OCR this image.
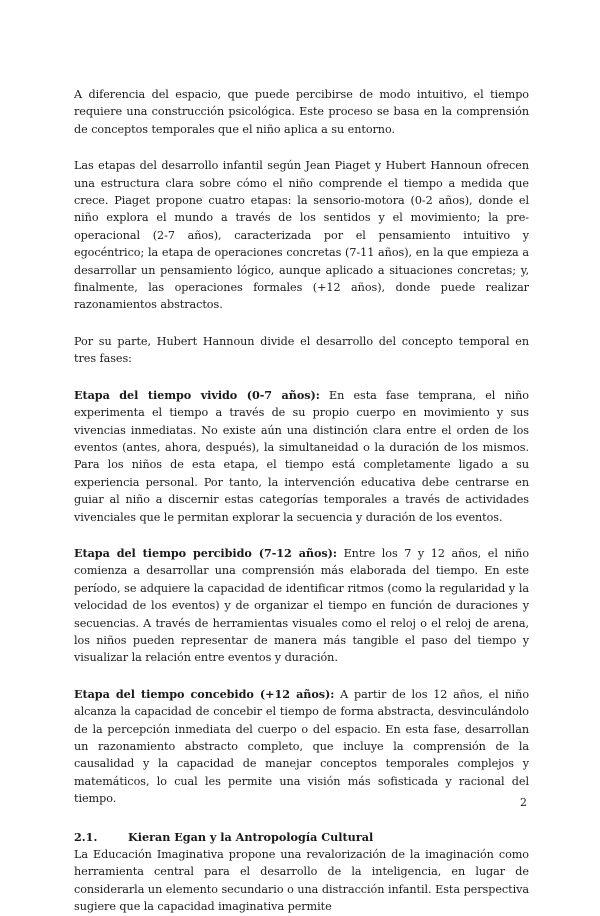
A diferencia del espacio, que puede percibirse de modo intuitivo, el tiempo requiere una construcción psicológica. Este proceso se basa en la comprensión de conceptos temporales que el niño aplica a su entorno.

Las etapas del desarrollo infantil según Jean Piaget y Hubert Hannoun ofrecen una estructura clara sobre cómo el niño comprende el tiempo a medida que crece. Piaget propone cuatro etapas: la sensorio-motora (0-2 años), donde el niño explora el mundo a través de los sentidos y el movimiento; la pre-operacional (2-7 años), caracterizada por el pensamiento intuitivo y egocéntrico; la etapa de operaciones concretas (7-11 años), en la que empieza a desarrollar un pensamiento lógico, aunque aplicado a situaciones concretas; y, finalmente, las operaciones formales (+12 años), donde puede realizar razonamientos abstractos.

Por su parte, Hubert Hannoun divide el desarrollo del concepto temporal en tres fases:

Etapa del tiempo vivido (0-7 años): En esta fase temprana, el niño experimenta el tiempo a través de su propio cuerpo en movimiento y sus vivencias inmediatas. No existe aún una distinción clara entre el orden de los eventos (antes, ahora, después), la simultaneidad o la duración de los mismos. Para los niños de esta etapa, el tiempo está completamente ligado a su experiencia personal. Por tanto, la intervención educativa debe centrarse en guiar al niño a discernir estas categorías temporales a través de actividades vivenciales que le permitan explorar la secuencia y duración de los eventos.

Etapa del tiempo percibido (7-12 años): Entre los 7 y 12 años, el niño comienza a desarrollar una comprensión más elaborada del tiempo. En este período, se adquiere la capacidad de identificar ritmos (como la regularidad y la velocidad de los eventos) y de organizar el tiempo en función de duraciones y secuencias. A través de herramientas visuales como el reloj o el reloj de arena, los niños pueden representar de manera más tangible el paso del tiempo y visualizar la relación entre eventos y duración.

Etapa del tiempo concebido (+12 años): A partir de los 12 años, el niño alcanza la capacidad de concebir el tiempo de forma abstracta, desvinculándolo de la percepción inmediata del cuerpo o del espacio. En esta fase, desarrollan un razonamiento abstracto completo, que incluye la comprensión de la causalidad y la capacidad de manejar conceptos temporales complejos y matemáticos, lo cual les permite una visión más sofisticada y racional del tiempo.

2.1.	Kieran Egan y la Antropología Cultural

La Educación Imaginativa propone una revalorización de la imaginación como herramienta central para el desarrollo de la inteligencia, en lugar de considerarla un elemento secundario o una distracción infantil. Esta perspectiva sugiere que la capacidad imaginativa permite

2
